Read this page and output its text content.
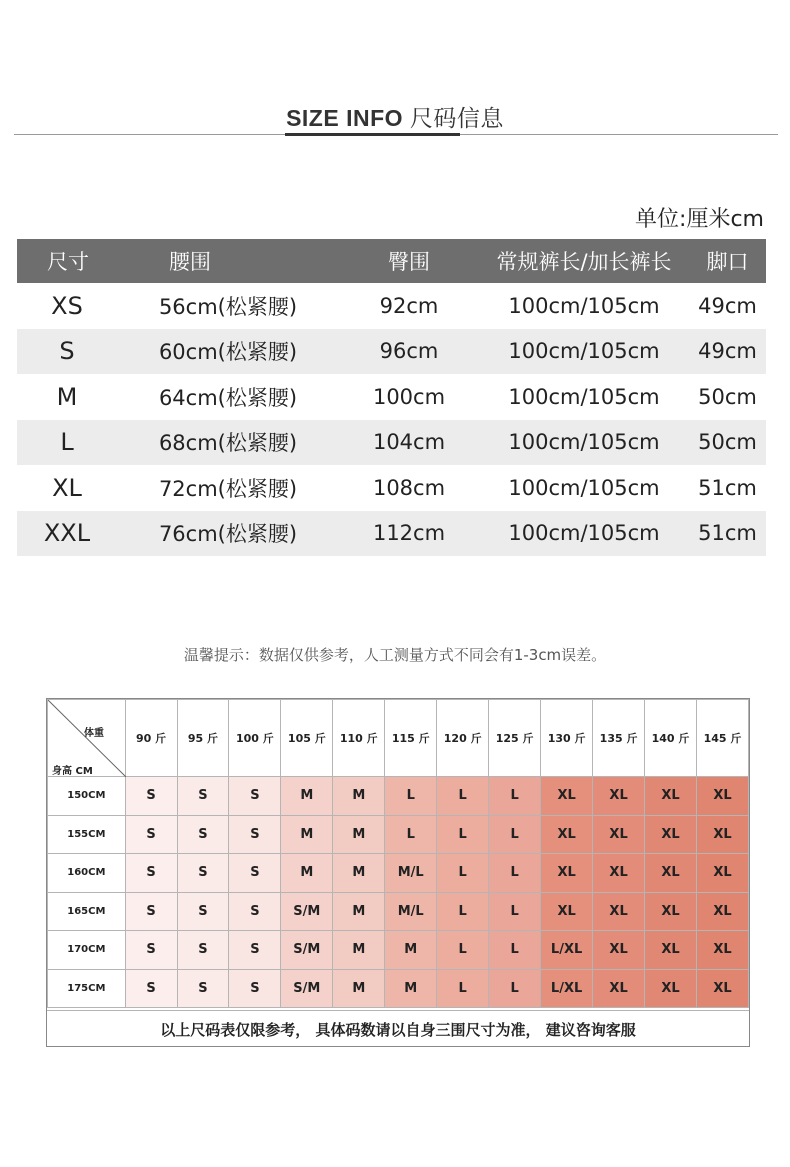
SIZE INFO 尺码信息
单位:厘米cm
尺寸	腰围	臀围	常规裤长/加长裤长	脚口
XS	56cm(松紧腰)	92cm	100cm/105cm	49cm
S	60cm(松紧腰)	96cm	100cm/105cm	49cm
M	64cm(松紧腰)	100cm	100cm/105cm	50cm
L	68cm(松紧腰)	104cm	100cm/105cm	50cm
XL	72cm(松紧腰)	108cm	100cm/105cm	51cm
XXL	76cm(松紧腰)	112cm	100cm/105cm	51cm
温馨提示：数据仅供参考，人工测量方式不同会有1-3cm误差。
体重
身高 CM	90 斤	95 斤	100 斤	105 斤	110 斤	115 斤	120 斤	125 斤	130 斤	135 斤	140 斤	145 斤
150CM	S	S	S	M	M	L	L	L	XL	XL	XL	XL
155CM	S	S	S	M	M	L	L	L	XL	XL	XL	XL
160CM	S	S	S	M	M	M/L	L	L	XL	XL	XL	XL
165CM	S	S	S	S/M	M	M/L	L	L	XL	XL	XL	XL
170CM	S	S	S	S/M	M	M	L	L	L/XL	XL	XL	XL
175CM	S	S	S	S/M	M	M	L	L	L/XL	XL	XL	XL
以上尺码表仅限参考， 具体码数请以自身三围尺寸为准， 建议咨询客服
